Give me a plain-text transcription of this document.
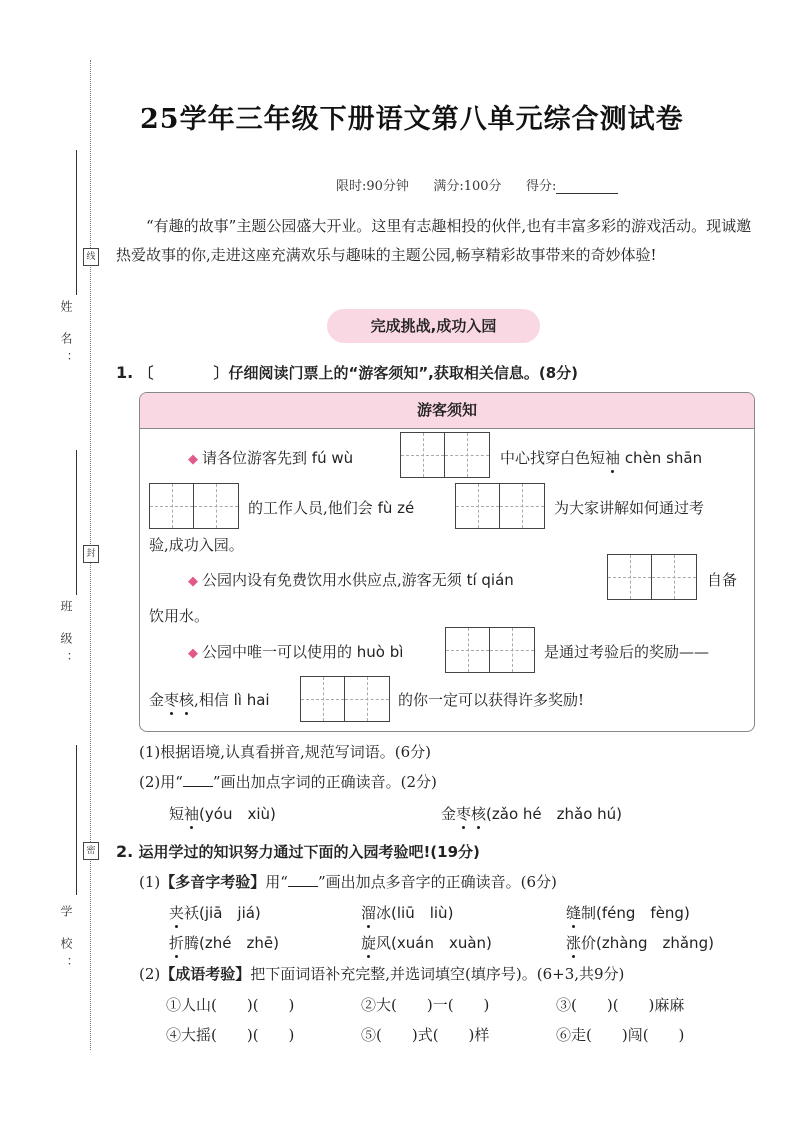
姓 名：
线
班 级：
封
学 校：
密
25学年三年级下册语文第八单元综合测试卷
限时:90分钟 满分:100分 得分:
“有趣的故事”主题公园盛大开业。这里有志趣相投的伙伴,也有丰富多彩的游戏活动。现诚邀热爱故事的你,走进这座充满欢乐与趣味的主题公园,畅享精彩故事带来的奇妙体验!
完成挑战,成功入园
1. 〔　　　　〕仔细阅读门票上的“游客须知”,获取相关信息。(8分)
游客须知
◆ 请各位游客先到 fú wù	中心找穿白色短袖 chèn shān
的工作人员,他们会 fù zé	为大家讲解如何通过考
验,成功入园。
◆ 公园内设有免费饮用水供应点,游客无须 tí qián	自备
饮用水。
◆ 公园中唯一可以使用的 huò bì	是通过考验后的奖励——
金枣核,相信 lì hai	的你一定可以获得许多奖励!
(1)根据语境,认真看拼音,规范写词语。(6分)
(2)用“ ”画出加点字词的正确读音。(2分)
短袖(yóu　xiù)	金枣核(zǎo hé　zhǎo hú)
2. 运用学过的知识努力通过下面的入园考验吧!(19分)
(1)【多音字考验】用“ ”画出加点多音字的正确读音。(6分)
夹袄(jiā　jiá)	溜冰(liū　liù)	缝制(féng　fèng)
折腾(zhé　zhē)	旋风(xuán　xuàn)	涨价(zhàng　zhǎng)
(2)【成语考验】把下面词语补充完整,并选词填空(填序号)。(6+3,共9分)
①人山(　　)(　　)	②大(　　)一(　　)	③(　　)(　　)麻麻
④大摇(　　)(　　)	⑤(　　)式(　　)样	⑥走(　　)闯(　　)
